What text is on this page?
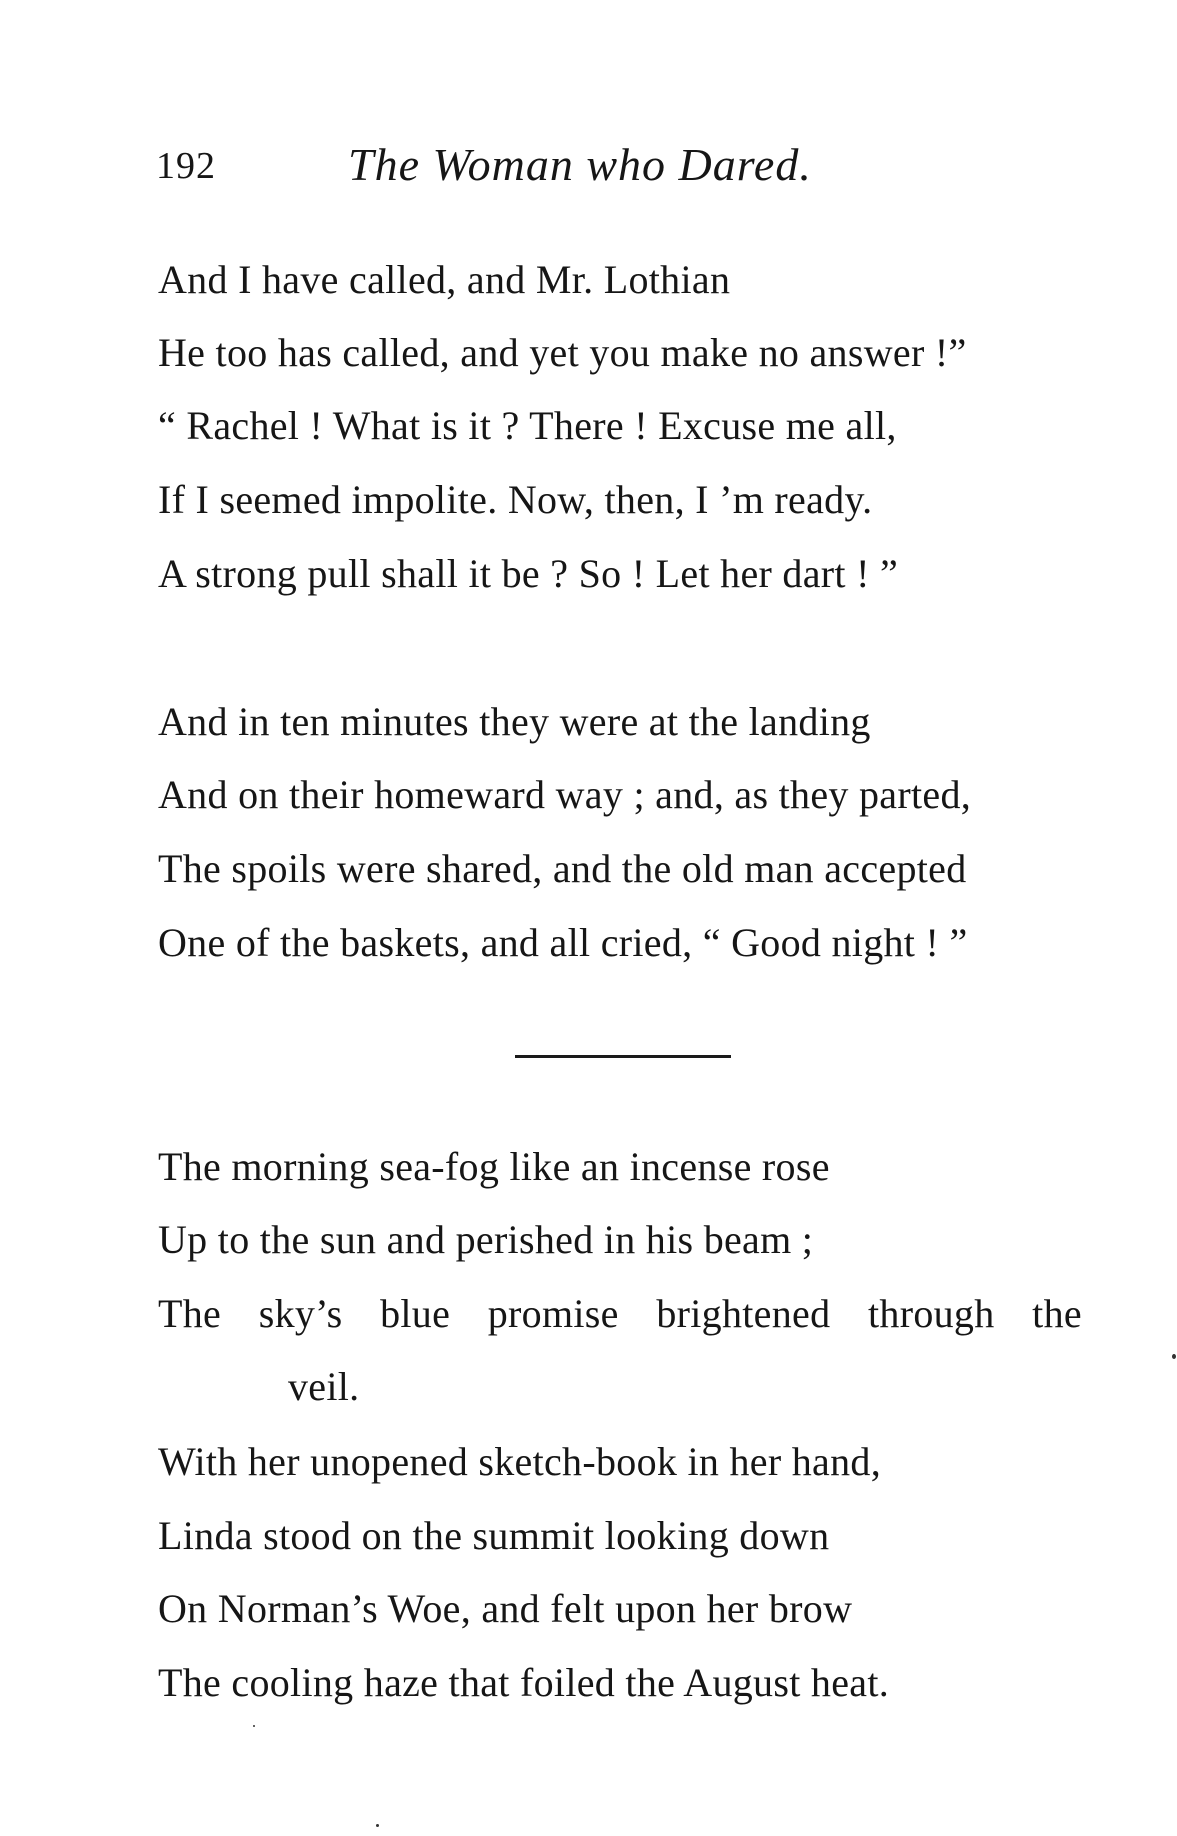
192	The Woman who Dared.
And I have called, and Mr. Lothian
He too has called, and yet you make no answer !”
“ Rachel ! What is it ? There ! Excuse me all,
If I seemed impolite. Now, then, I ’m ready.
A strong pull shall it be ? So ! Let her dart ! ”
And in ten minutes they were at the landing
And on their homeward way ; and, as they parted,
The spoils were shared, and the old man accepted
One of the baskets, and all cried, “ Good night ! ”
The morning sea-fog like an incense rose
Up to the sun and perished in his beam ;
The sky’s blue promise brightened through the
veil.
With her unopened sketch-book in her hand,
Linda stood on the summit looking down
On Norman’s Woe, and felt upon her brow
The cooling haze that foiled the August heat.
